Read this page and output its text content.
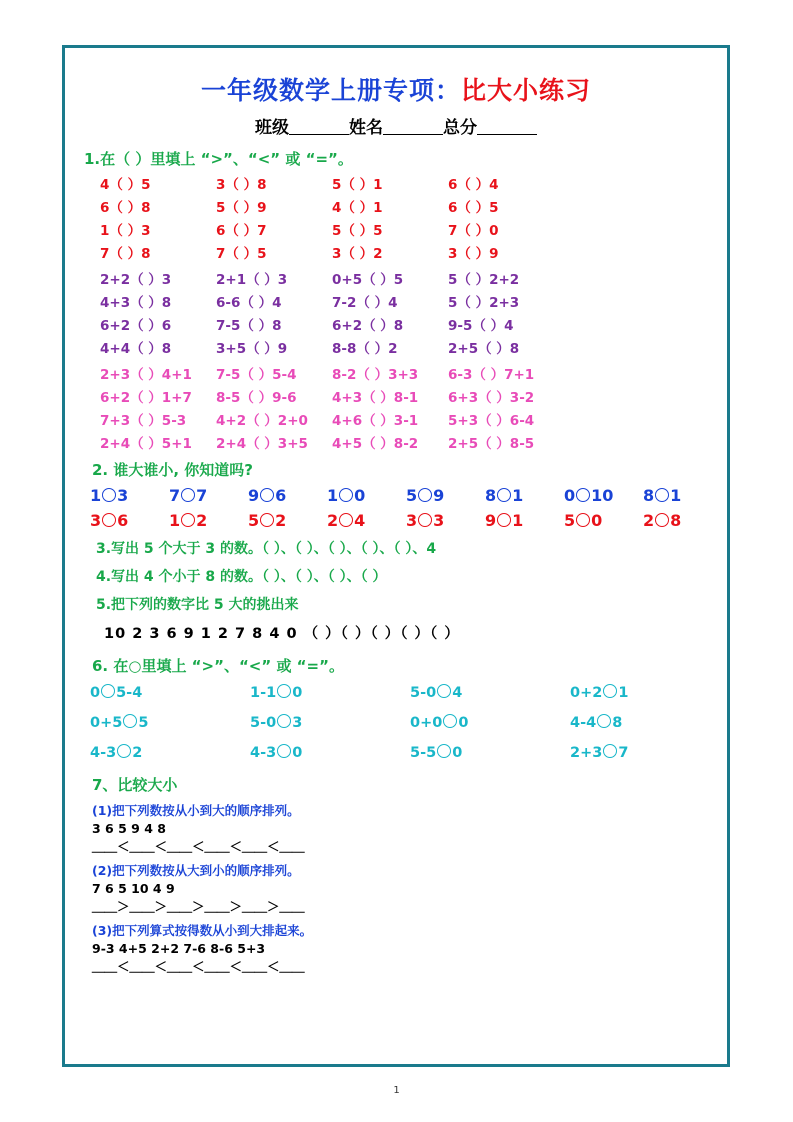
一年级数学上册专项：比大小练习
班级	姓名	总分
1.在（ ）里填上 “>”、“<” 或 “=”。
4（ ）5	3（ ）8	5（ ）1	6（ ）4
6（ ）8	5（ ）9	4（ ）1	6（ ）5
1（ ）3	6（ ）7	5（ ）5	7（ ）0
7（ ）8	7（ ）5	3（ ）2	3（ ）9
2+2（ ）3	2+1（ ）3	0+5（ ）5	5（ ）2+2
4+3（ ）8	6-6（ ）4	7-2（ ）4	5（ ）2+3
6+2（ ）6	7-5（ ）8	6+2（ ）8	9-5（ ）4
4+4（ ）8	3+5（ ）9	8-8（ ）2	2+5（ ）8
2+3（ ）4+1	7-5（ ）5-4	8-2（ ）3+3	6-3（ ）7+1
6+2（ ）1+7	8-5（ ）9-6	4+3（ ）8-1	6+3（ ）3-2
7+3（ ）5-3	4+2（ ）2+0	4+6（ ）3-1	5+3（ ）6-4
2+4（ ）5+1	2+4（ ）3+5	4+5（ ）8-2	2+5（ ）8-5
2. 谁大谁小, 你知道吗?
1 3	7 7	9 6	1 0	5 9	8 1	0 10	8 1
3 6	1 2	5 2	2 4	3 3	9 1	5 0	2 8
3.写出 5 个大于 3 的数。（ ）、（ ）、（ ）、（ ）、（ ）、4
4.写出 4 个小于 8 的数。（ ）、（ ）、（ ）、（ ）
5.把下列的数字比 5 大的挑出来
10 2 3 6 9 1 2 7 8 4 0 （ ）（ ）（ ）（ ）（ ）
6. 在○里填上 “>”、“<” 或 “=”。
0 5-4	1-1 0	5-0 4	0+2 1
0+5 5	5-0 3	0+0 0	4-4 8
4-3 2	4-3 0	5-5 0	2+3 7
7、比较大小
(1)把下列数按从小到大的顺序排列。
3 6 5 9 4 8
＿＿＜＿＿＜＿＿＜＿＿＜＿＿＜＿＿
(2)把下列数按从大到小的顺序排列。
7 6 5 10 4 9
＿＿＞＿＿＞＿＿＞＿＿＞＿＿＞＿＿
(3)把下列算式按得数从小到大排起来。
9-3 4+5 2+2 7-6 8-6 5+3
＿＿＜＿＿＜＿＿＜＿＿＜＿＿＜＿＿
1
